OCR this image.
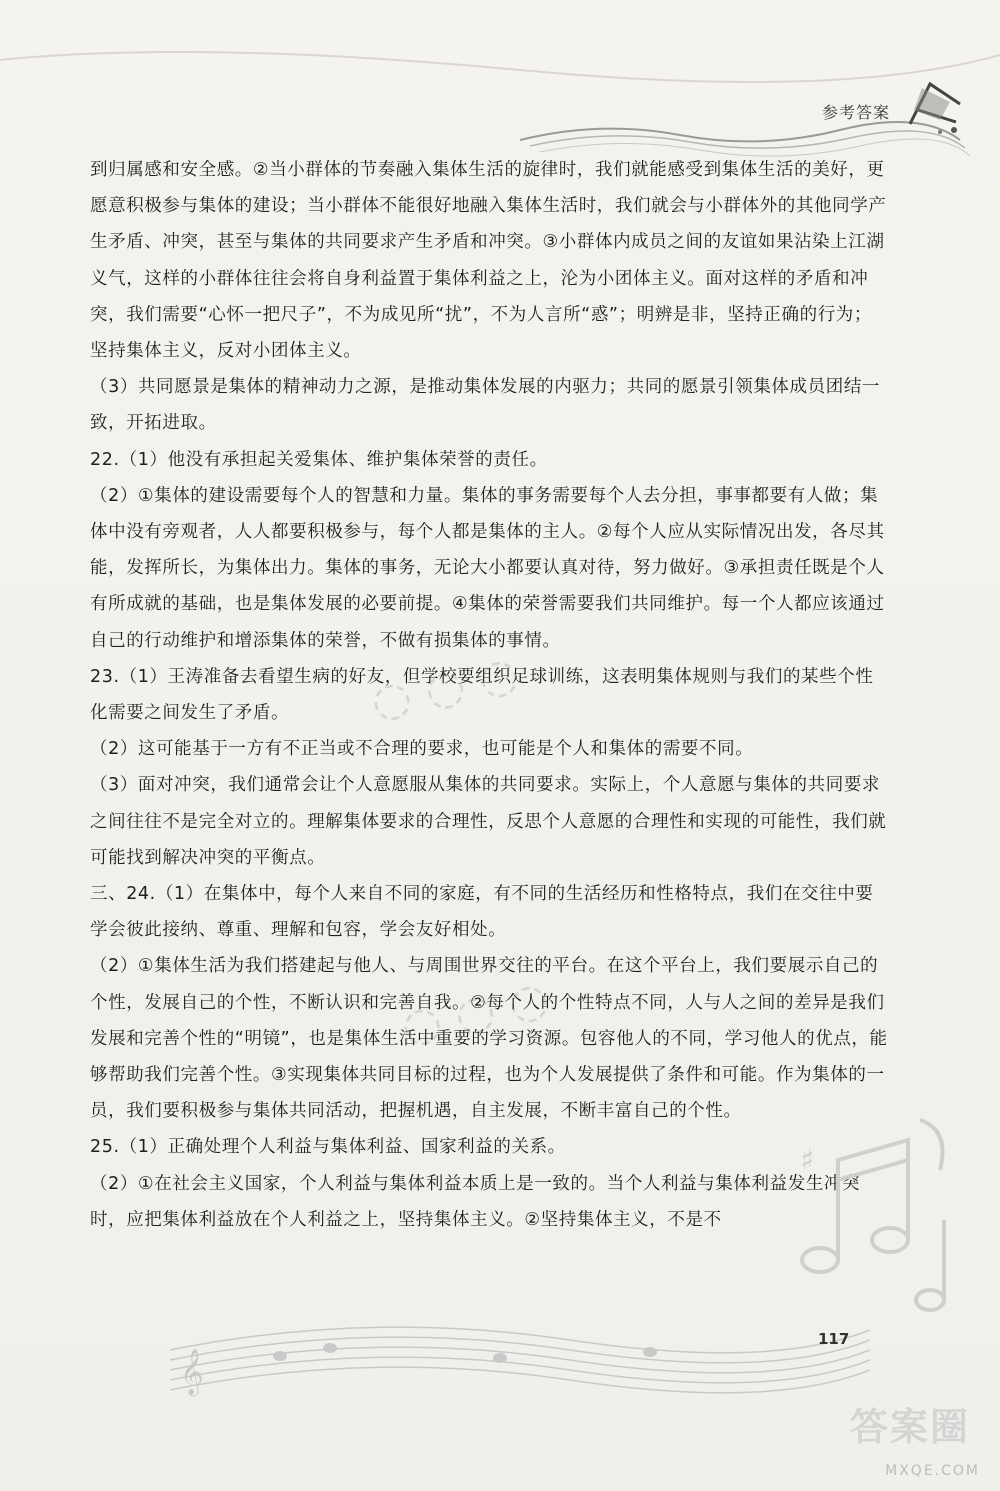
参考答案
◌ ◌ ◌
◌ ◌ ◌

到归属感和安全感。②当小群体的节奏融入集体生活的旋律时，我们就能感受到集体生活的美好，更愿意积极参与集体的建设；当小群体不能很好地融入集体生活时，我们就会与小群体外的其他同学产生矛盾、冲突，甚至与集体的共同要求产生矛盾和冲突。③小群体内成员之间的友谊如果沾染上江湖义气，这样的小群体往往会将自身利益置于集体利益之上，沦为小团体主义。面对这样的矛盾和冲突，我们需要“心怀一把尺子”，不为成见所“扰”，不为人言所“惑”；明辨是非，坚持正确的行为；坚持集体主义，反对小团体主义。

（3）共同愿景是集体的精神动力之源，是推动集体发展的内驱力；共同的愿景引领集体成员团结一致，开拓进取。

22.（1）他没有承担起关爱集体、维护集体荣誉的责任。

（2）①集体的建设需要每个人的智慧和力量。集体的事务需要每个人去分担，事事都要有人做；集体中没有旁观者，人人都要积极参与，每个人都是集体的主人。②每个人应从实际情况出发，各尽其能，发挥所长，为集体出力。集体的事务，无论大小都要认真对待，努力做好。③承担责任既是个人有所成就的基础，也是集体发展的必要前提。④集体的荣誉需要我们共同维护。每一个人都应该通过自己的行动维护和增添集体的荣誉，不做有损集体的事情。

23.（1）王涛准备去看望生病的好友，但学校要组织足球训练，这表明集体规则与我们的某些个性化需要之间发生了矛盾。

（2）这可能基于一方有不正当或不合理的要求，也可能是个人和集体的需要不同。

（3）面对冲突，我们通常会让个人意愿服从集体的共同要求。实际上，个人意愿与集体的共同要求之间往往不是完全对立的。理解集体要求的合理性，反思个人意愿的合理性和实现的可能性，我们就可能找到解决冲突的平衡点。

三、24.（1）在集体中，每个人来自不同的家庭，有不同的生活经历和性格特点，我们在交往中要学会彼此接纳、尊重、理解和包容，学会友好相处。

（2）①集体生活为我们搭建起与他人、与周围世界交往的平台。在这个平台上，我们要展示自己的个性，发展自己的个性，不断认识和完善自我。②每个人的个性特点不同，人与人之间的差异是我们发展和完善个性的“明镜”，也是集体生活中重要的学习资源。包容他人的不同，学习他人的优点，能够帮助我们完善个性。③实现集体共同目标的过程，也为个人发展提供了条件和可能。作为集体的一员，我们要积极参与集体共同活动，把握机遇，自主发展，不断丰富自己的个性。

25.（1）正确处理个人利益与集体利益、国家利益的关系。

（2）①在社会主义国家，个人利益与集体利益本质上是一致的。当个人利益与集体利益发生冲突时，应把集体利益放在个人利益之上，坚持集体主义。②坚持集体主义，不是不

♯
𝄞
117
答案圈
MXQE.COM
